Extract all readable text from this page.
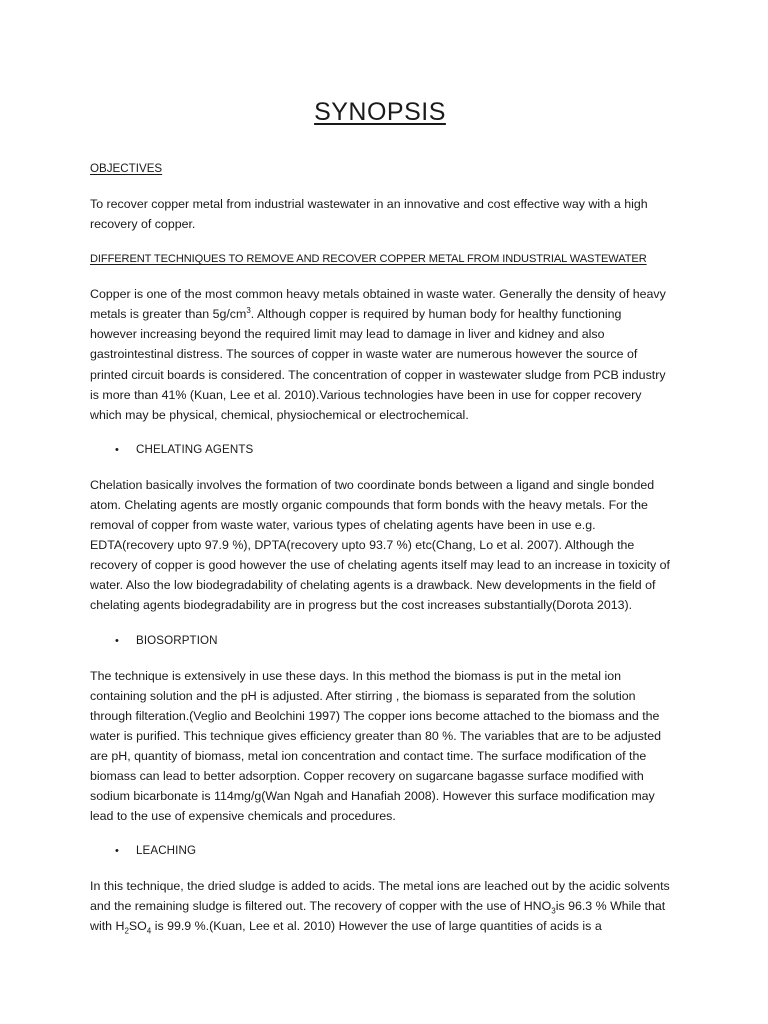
SYNOPSIS
OBJECTIVES

To recover copper metal from industrial wastewater in an innovative and cost effective way with a high recovery of copper.

DIFFERENT TECHNIQUES TO REMOVE AND RECOVER COPPER METAL FROM INDUSTRIAL WASTEWATER

Copper is one of the most common heavy metals obtained in waste water. Generally the density of heavy metals is greater than $5g/cm^3$. Although copper is required by human body for healthy functioning however increasing beyond the required limit may lead to damage in liver and kidney and also gastrointestinal distress. The sources of copper in waste water are numerous however the source of printed circuit boards is considered. The concentration of copper in wastewater sludge from PCB industry is more than 41% (Kuan, Lee et al. 2010).Various technologies have been in use for copper recovery which may be physical, chemical, physiochemical or electrochemical.

•	CHELATING AGENTS

Chelation basically involves the formation of two coordinate bonds between a ligand and single bonded atom. Chelating agents are mostly organic compounds that form bonds with the heavy metals. For the removal of copper from waste water, various types of chelating agents have been in use e.g. EDTA(recovery upto 97.9 %), DPTA(recovery upto 93.7 %) etc(Chang, Lo et al. 2007). Although the recovery of copper is good however the use of chelating agents itself may lead to an increase in toxicity of water. Also the low biodegradability of chelating agents is a drawback. New developments in the field of chelating agents biodegradability are in progress but the cost increases substantially(Dorota 2013).

•	BIOSORPTION

The technique is extensively in use these days. In this method the biomass is put in the metal ion containing solution and the pH is adjusted. After stirring , the biomass is separated from the solution through filteration.(Veglio and Beolchini 1997) The copper ions become attached to the biomass and the water is purified. This technique gives efficiency greater than 80 %. The variables that are to be adjusted are pH, quantity of biomass, metal ion concentration and contact time. The surface modification of the biomass can lead to better adsorption. Copper recovery on sugarcane bagasse surface modified with sodium bicarbonate is 114mg/g(Wan Ngah and Hanafiah 2008). However this surface modification may lead to the use of expensive chemicals and procedures.

•	LEACHING

In this technique, the dried sludge is added to acids. The metal ions are leached out by the acidic solvents and the remaining sludge is filtered out. The recovery of copper with the use of $HNO_3is$ 96.3 % While that with $H_2SO_4$ is 99.9 %.(Kuan, Lee et al. 2010) However the use of large quantities of acids is a
